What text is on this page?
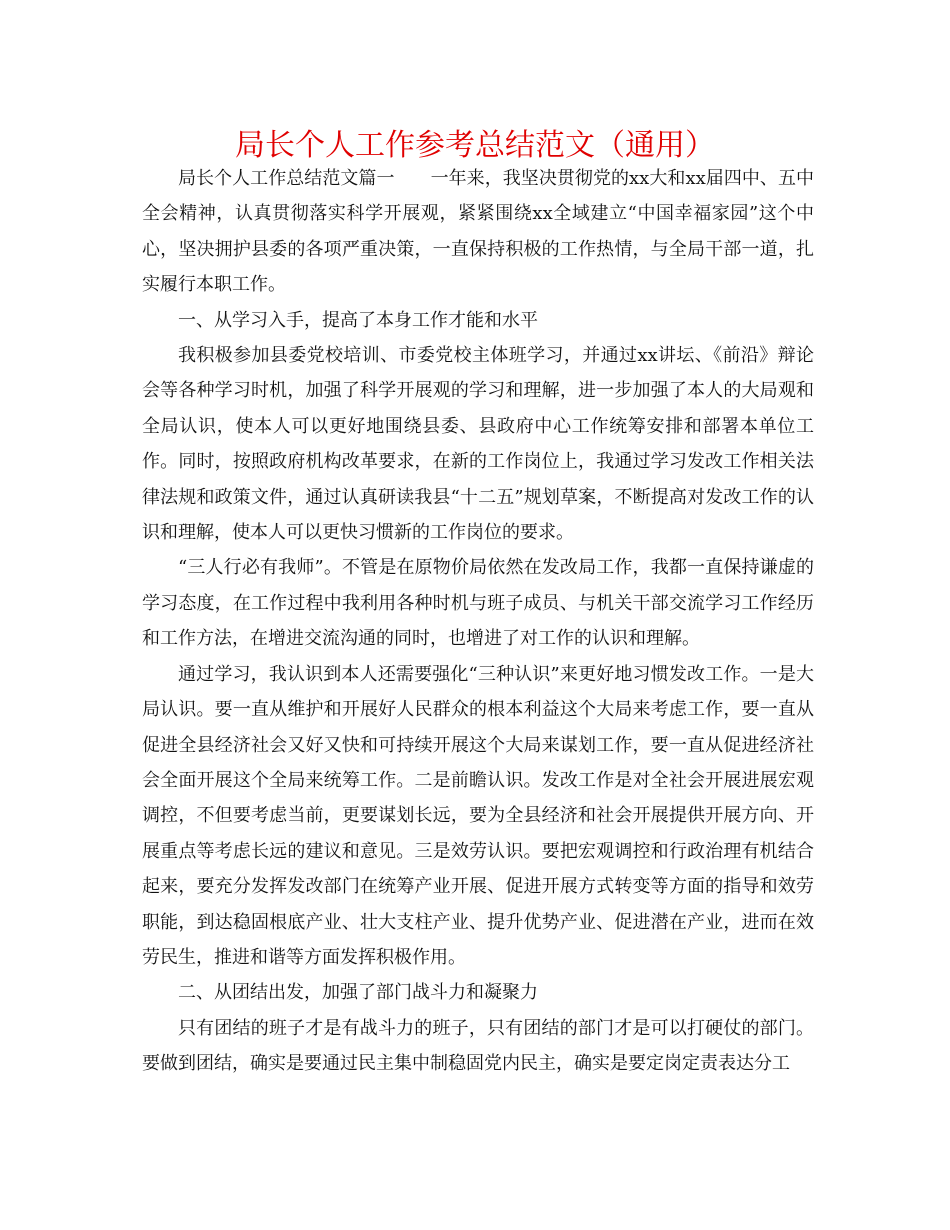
局长个人工作参考总结范文（通用）

局长个人工作总结范文篇一　　一年来，我坚决贯彻党的xx大和xx届四中、五中全会精神，认真贯彻落实科学开展观，紧紧围绕xx全域建立“中国幸福家园”这个中心，坚决拥护县委的各项严重决策，一直保持积极的工作热情，与全局干部一道，扎实履行本职工作。

一、从学习入手，提高了本身工作才能和水平

我积极参加县委党校培训、市委党校主体班学习，并通过xx讲坛、《前沿》辩论会等各种学习时机，加强了科学开展观的学习和理解，进一步加强了本人的大局观和全局认识，使本人可以更好地围绕县委、县政府中心工作统筹安排和部署本单位工作。同时，按照政府机构改革要求，在新的工作岗位上，我通过学习发改工作相关法律法规和政策文件，通过认真研读我县“十二五”规划草案，不断提高对发改工作的认识和理解，使本人可以更快习惯新的工作岗位的要求。

“三人行必有我师”。不管是在原物价局依然在发改局工作，我都一直保持谦虚的学习态度，在工作过程中我利用各种时机与班子成员、与机关干部交流学习工作经历和工作方法，在增进交流沟通的同时，也增进了对工作的认识和理解。

通过学习，我认识到本人还需要强化“三种认识”来更好地习惯发改工作。一是大局认识。要一直从维护和开展好人民群众的根本利益这个大局来考虑工作，要一直从促进全县经济社会又好又快和可持续开展这个大局来谋划工作，要一直从促进经济社会全面开展这个全局来统筹工作。二是前瞻认识。发改工作是对全社会开展进展宏观调控，不但要考虑当前，更要谋划长远，要为全县经济和社会开展提供开展方向、开展重点等考虑长远的建议和意见。三是效劳认识。要把宏观调控和行政治理有机结合起来，要充分发挥发改部门在统筹产业开展、促进开展方式转变等方面的指导和效劳职能，到达稳固根底产业、壮大支柱产业、提升优势产业、促进潜在产业，进而在效劳民生，推进和谐等方面发挥积极作用。

二、从团结出发，加强了部门战斗力和凝聚力

只有团结的班子才是有战斗力的班子，只有团结的部门才是可以打硬仗的部门。要做到团结，确实是要通过民主集中制稳固党内民主，确实是要定岗定责表达分工
